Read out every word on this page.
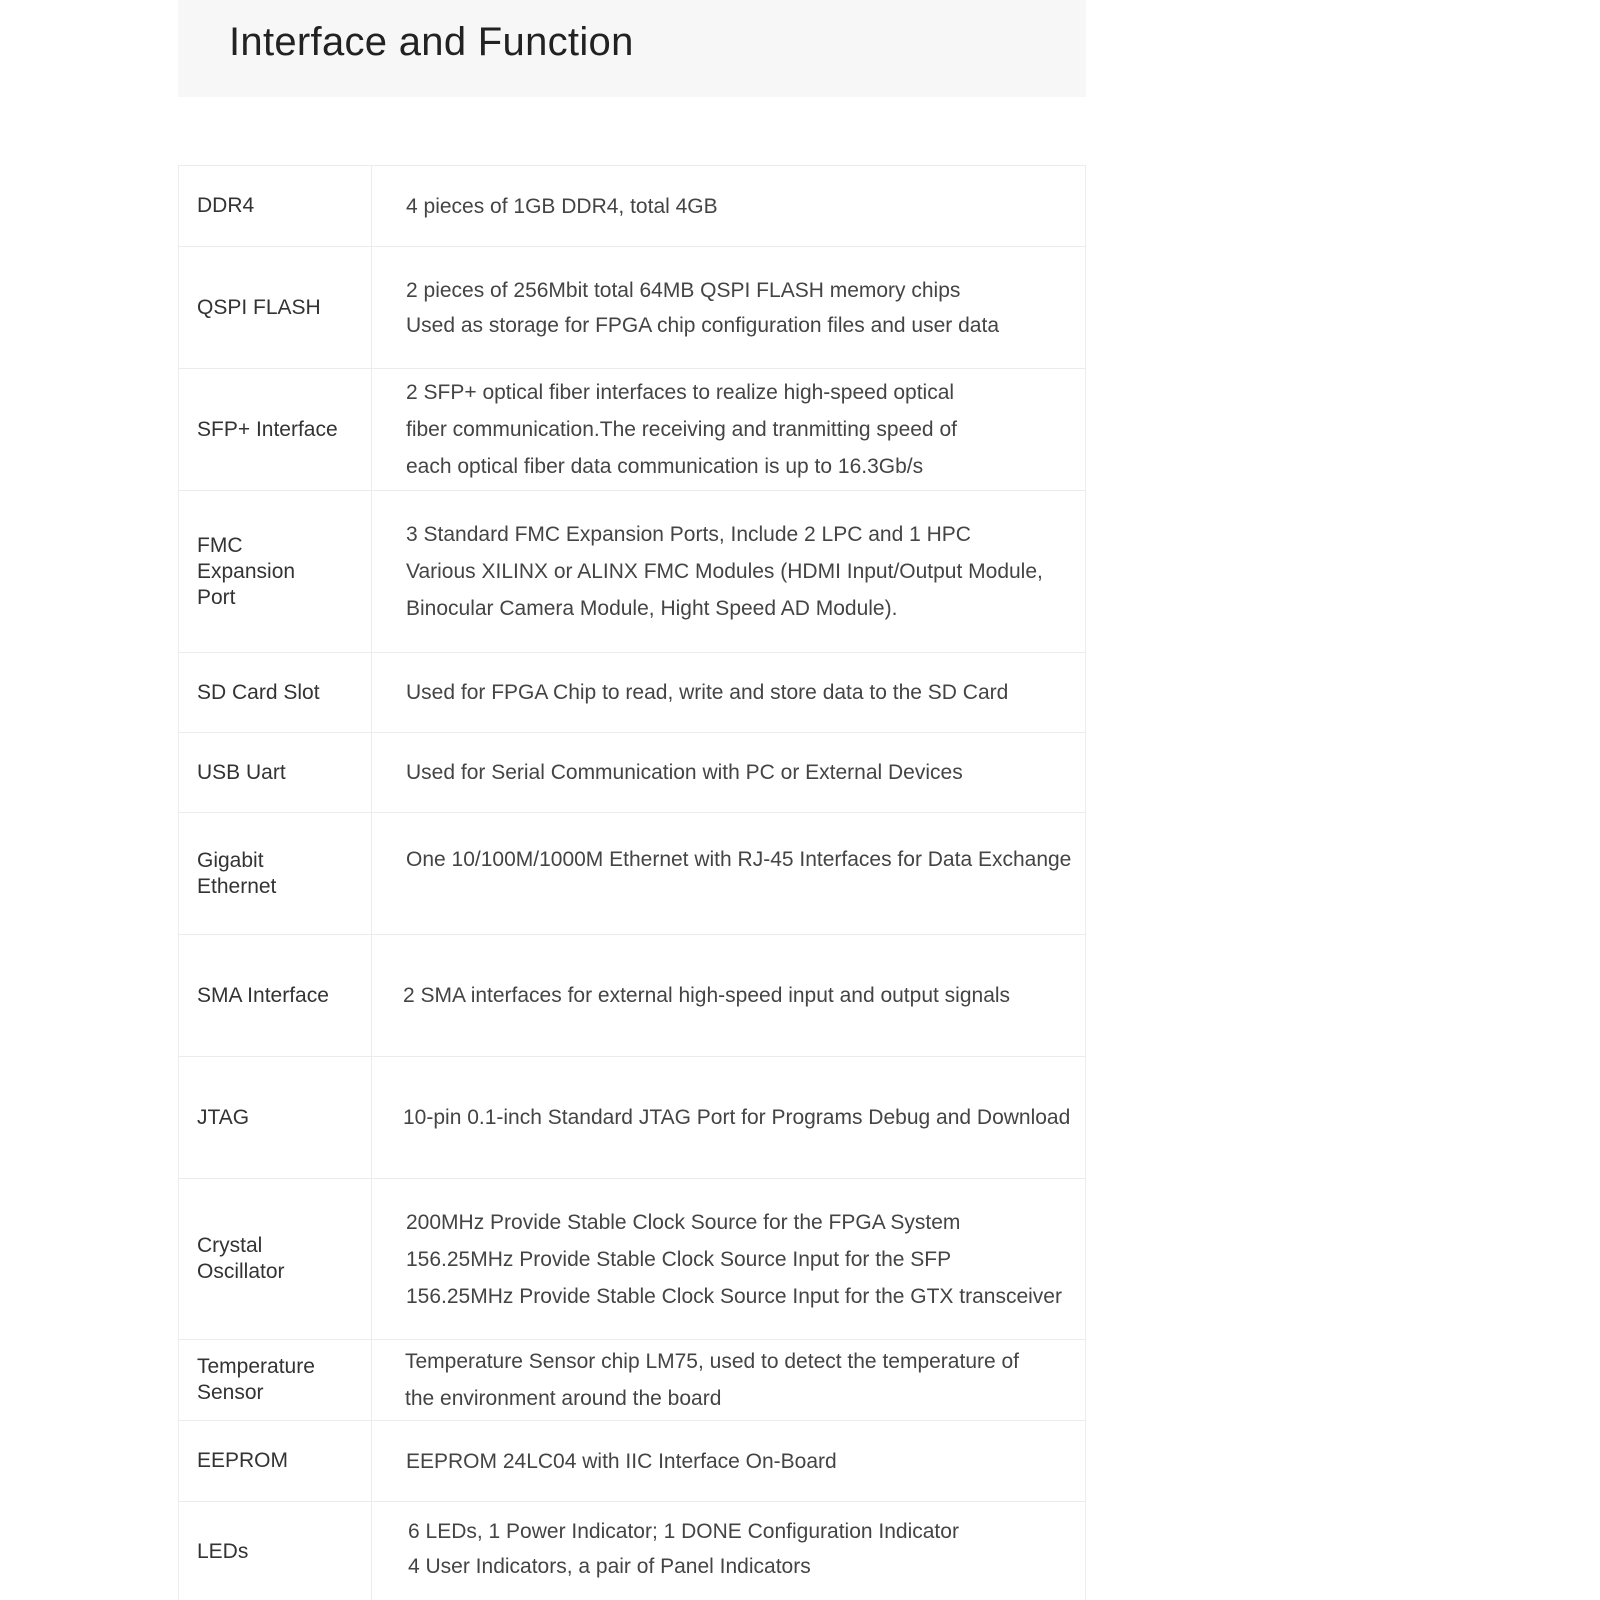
Interface and Function
DDR4	4 pieces of 1GB DDR4, total 4GB

QSPI FLASH	2 pieces of 256Mbit total 64MB QSPI FLASH memory chips
Used as storage for FPGA chip configuration files and user data

SFP+ Interface	2 SFP+ optical fiber interfaces to realize high-speed optical
fiber communication.The receiving and tranmitting speed of
each optical fiber data communication is up to 16.3Gb/s

FMC Expansion Port	3 Standard FMC Expansion Ports, Include 2 LPC and 1 HPC
Various XILINX or ALINX FMC Modules (HDMI Input/Output Module,
Binocular Camera Module, Hight Speed AD Module).

SD Card Slot	Used for FPGA Chip to read, write and store data to the SD Card

USB Uart	Used for Serial Communication with PC or External Devices

Gigabit Ethernet	One 10/100M/1000M Ethernet with RJ-45 Interfaces for Data Exchange

SMA Interface	2 SMA interfaces for external high-speed input and output signals

JTAG	10-pin 0.1-inch Standard JTAG Port for Programs Debug and Download

Crystal Oscillator	200MHz Provide Stable Clock Source for the FPGA System
156.25MHz Provide Stable Clock Source Input for the SFP
156.25MHz Provide Stable Clock Source Input for the GTX transceiver

Temperature Sensor	Temperature Sensor chip LM75, used to detect the temperature of
the environment around the board

EEPROM	EEPROM 24LC04 with IIC Interface On-Board

LEDs	6 LEDs, 1 Power Indicator; 1 DONE Configuration Indicator
4 User Indicators, a pair of Panel Indicators
